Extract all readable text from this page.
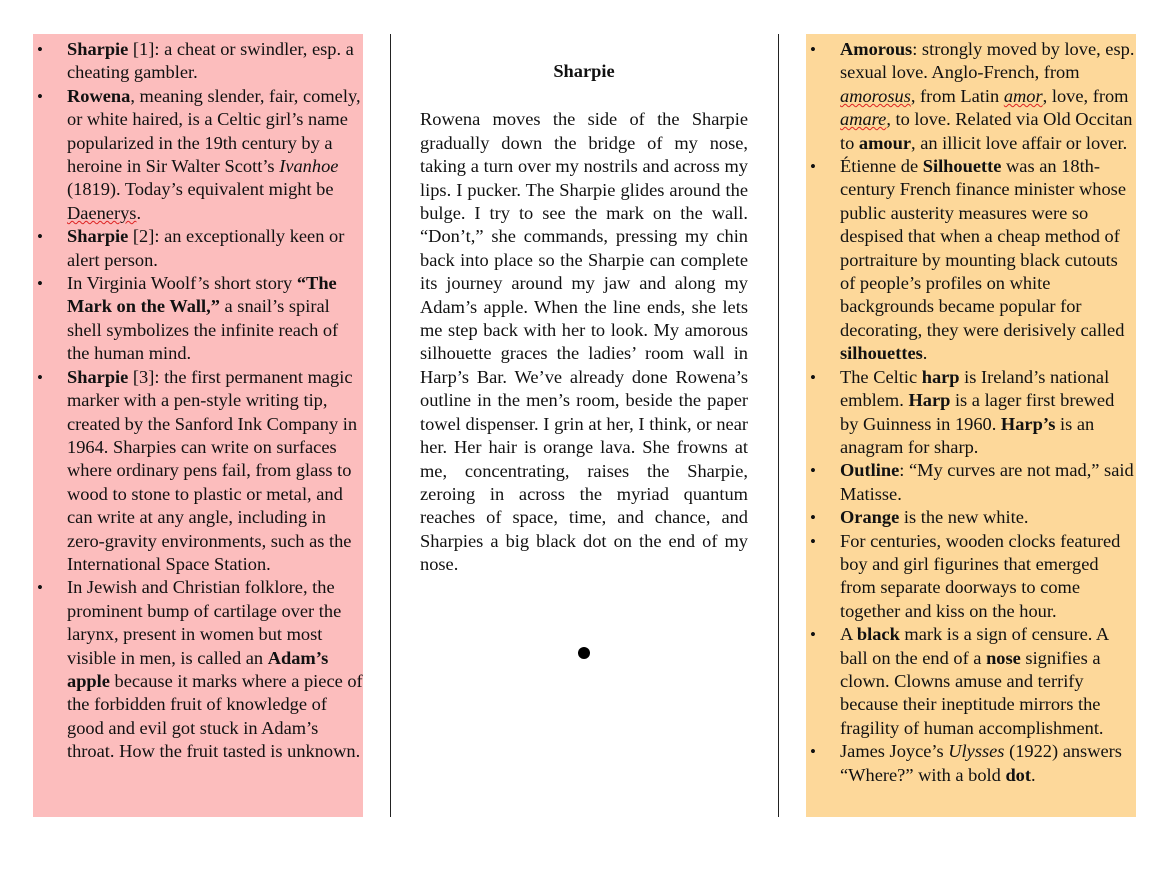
• Sharpie [1]: a cheat or swindler, esp. a cheating gambler.
• Rowena, meaning slender, fair, comely, or white haired, is a Celtic girl’s name popularized in the 19th century by a heroine in Sir Walter Scott’s Ivanhoe (1819). Today’s equivalent might be Daenerys.
• Sharpie [2]: an exceptionally keen or alert person.
• In Virginia Woolf’s short story “The Mark on the Wall,” a snail’s spiral shell symbolizes the infinite reach of the human mind.
• Sharpie [3]: the first permanent magic marker with a pen-style writing tip, created by the Sanford Ink Company in 1964. Sharpies can write on surfaces where ordinary pens fail, from glass to wood to stone to plastic or metal, and can write at any angle, including in zero-gravity environments, such as the International Space Station.
• In Jewish and Christian folklore, the prominent bump of cartilage over the larynx, present in women but most visible in men, is called an Adam’s apple because it marks where a piece of the forbidden fruit of knowledge of good and evil got stuck in Adam’s throat. How the fruit tasted is unknown.
Sharpie
Rowena moves the side of the Sharpie gradually down the bridge of my nose, taking a turn over my nostrils and across my lips. I pucker. The Sharpie glides around the bulge. I try to see the mark on the wall. “Don’t,” she commands, pressing my chin back into place so the Sharpie can complete its journey around my jaw and along my Adam’s apple. When the line ends, she lets me step back with her to look. My amorous silhouette graces the ladies’ room wall in Harp’s Bar. We’ve already done Rowena’s outline in the men’s room, beside the paper towel dispenser. I grin at her, I think, or near her. Her hair is orange lava. She frowns at me, concentrating, raises the Sharpie, zeroing in across the myriad quantum reaches of space, time, and chance, and Sharpies a big black dot on the end of my nose.
• Amorous: strongly moved by love, esp. sexual love. Anglo-French, from amorosus, from Latin amor, love, from amare, to love. Related via Old Occitan to amour, an illicit love affair or lover.
• Étienne de Silhouette was an 18th-century French finance minister whose public austerity measures were so despised that when a cheap method of portraiture by mounting black cutouts of people’s profiles on white backgrounds became popular for decorating, they were derisively called silhouettes.
• The Celtic harp is Ireland’s national emblem. Harp is a lager first brewed by Guinness in 1960. Harp’s is an anagram for sharp.
• Outline: “My curves are not mad,” said Matisse.
• Orange is the new white.
• For centuries, wooden clocks featured boy and girl figurines that emerged from separate doorways to come together and kiss on the hour.
• A black mark is a sign of censure. A ball on the end of a nose signifies a clown. Clowns amuse and terrify because their ineptitude mirrors the fragility of human accomplishment.
• James Joyce’s Ulysses (1922) answers “Where?” with a bold dot.
